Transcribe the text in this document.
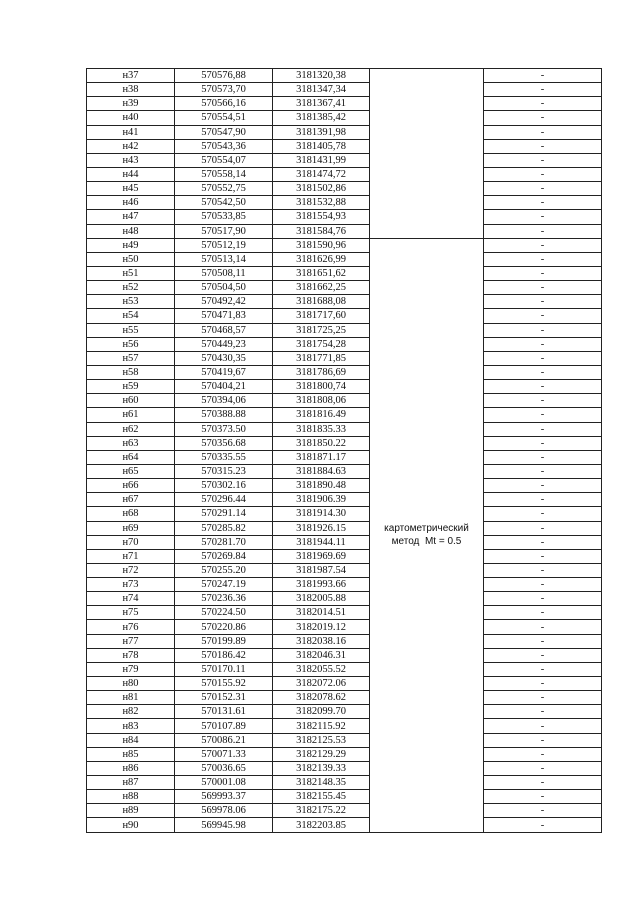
н37	570576,88	3181320,38		-
н38	570573,70	3181347,34		-
н39	570566,16	3181367,41		-
н40	570554,51	3181385,42		-
н41	570547,90	3181391,98		-
н42	570543,36	3181405,78		-
н43	570554,07	3181431,99		-
н44	570558,14	3181474,72		-
н45	570552,75	3181502,86		-
н46	570542,50	3181532,88		-
н47	570533,85	3181554,93		-
н48	570517,90	3181584,76		-
н49	570512,19	3181590,96	картометрический
метод  Mt = 0.5	-
н50	570513,14	3181626,99		-
н51	570508,11	3181651,62		-
н52	570504,50	3181662,25		-
н53	570492,42	3181688,08		-
н54	570471,83	3181717,60		-
н55	570468,57	3181725,25		-
н56	570449,23	3181754,28		-
н57	570430,35	3181771,85		-
н58	570419,67	3181786,69		-
н59	570404,21	3181800,74		-
н60	570394,06	3181808,06		-
н61	570388.88	3181816.49		-
н62	570373.50	3181835.33		-
н63	570356.68	3181850.22		-
н64	570335.55	3181871.17		-
н65	570315.23	3181884.63		-
н66	570302.16	3181890.48		-
н67	570296.44	3181906.39		-
н68	570291.14	3181914.30		-
н69	570285.82	3181926.15		-
н70	570281.70	3181944.11		-
н71	570269.84	3181969.69		-
н72	570255.20	3181987.54		-
н73	570247.19	3181993.66		-
н74	570236.36	3182005.88		-
н75	570224.50	3182014.51		-
н76	570220.86	3182019.12		-
н77	570199.89	3182038.16		-
н78	570186.42	3182046.31		-
н79	570170.11	3182055.52		-
н80	570155.92	3182072.06		-
н81	570152.31	3182078.62		-
н82	570131.61	3182099.70		-
н83	570107.89	3182115.92		-
н84	570086.21	3182125.53		-
н85	570071.33	3182129.29		-
н86	570036.65	3182139.33		-
н87	570001.08	3182148.35		-
н88	569993.37	3182155.45		-
н89	569978.06	3182175.22		-
н90	569945.98	3182203.85		-
